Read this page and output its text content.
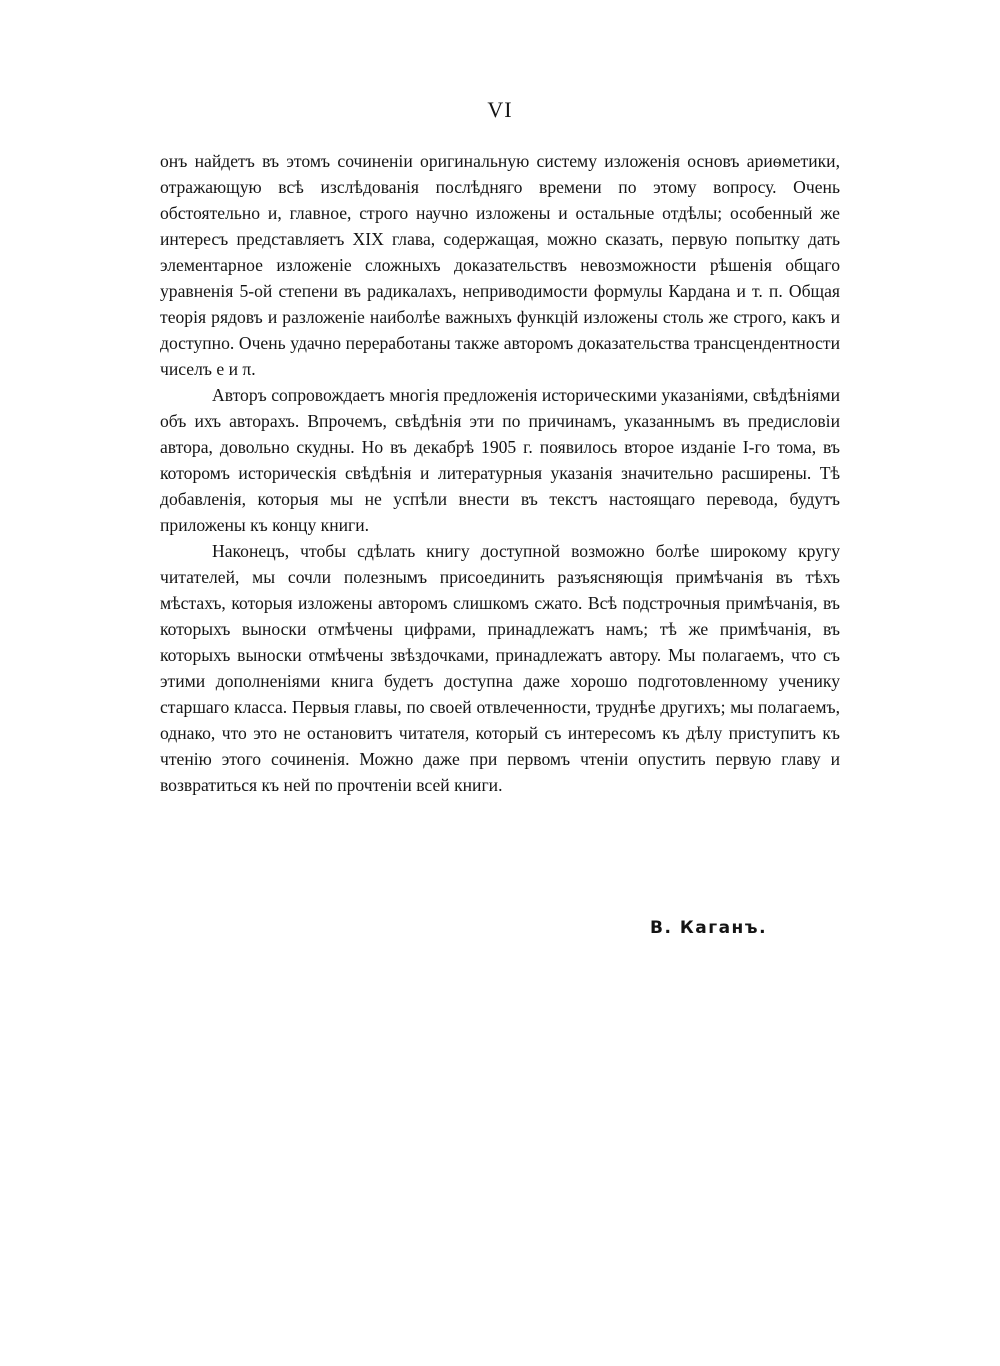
VI

онъ найдетъ въ этомъ сочиненіи оригинальную систему изложенія основъ ариѳметики, отражающую всѣ изслѣдованія послѣдняго времени по этому вопросу. Очень обстоятельно и, главное, строго научно изложены и остальные отдѣлы; особенный же интересъ представляетъ XIX глава, содержащая, можно сказать, первую попытку дать элементарное изложеніе сложныхъ доказательствъ невозможности рѣшенія общаго уравненія 5-ой степени въ радикалахъ, неприводимости формулы Кардана и т. п. Общая теорія рядовъ и разложеніе наиболѣе важныхъ функцій изложены столь же строго, какъ и доступно. Очень удачно переработаны также авторомъ доказательства трансцендентности чиселъ e и π.

Авторъ сопровождаетъ многія предложенія историческими указаніями, свѣдѣніями объ ихъ авторахъ. Впрочемъ, свѣдѣнія эти по причинамъ, указаннымъ въ предисловіи автора, довольно скудны. Но въ декабрѣ 1905 г. появилось второе изданіе I-го тома, въ которомъ историческія свѣдѣнія и литературныя указанія значительно расширены. Тѣ добавленія, которыя мы не успѣли внести въ текстъ настоящаго перевода, будутъ приложены къ концу книги.

Наконецъ, чтобы сдѣлать книгу доступной возможно болѣе широкому кругу читателей, мы сочли полезнымъ присоединить разъясняющія примѣчанія въ тѣхъ мѣстахъ, которыя изложены авторомъ слишкомъ сжато. Всѣ подстрочныя примѣчанія, въ которыхъ выноски отмѣчены цифрами, принадлежатъ намъ; тѣ же примѣчанія, въ которыхъ выноски отмѣчены звѣздочками, принадлежатъ автору. Мы полагаемъ, что съ этими дополненіями книга будетъ доступна даже хорошо подготовленному ученику старшаго класса. Первыя главы, по своей отвлеченности, труднѣе другихъ; мы полагаемъ, однако, что это не остановитъ читателя, который съ интересомъ къ дѣлу приступитъ къ чтенію этого сочиненія. Можно даже при первомъ чтеніи опустить первую главу и возвратиться къ ней по прочтеніи всей книги.

В. Каганъ.
